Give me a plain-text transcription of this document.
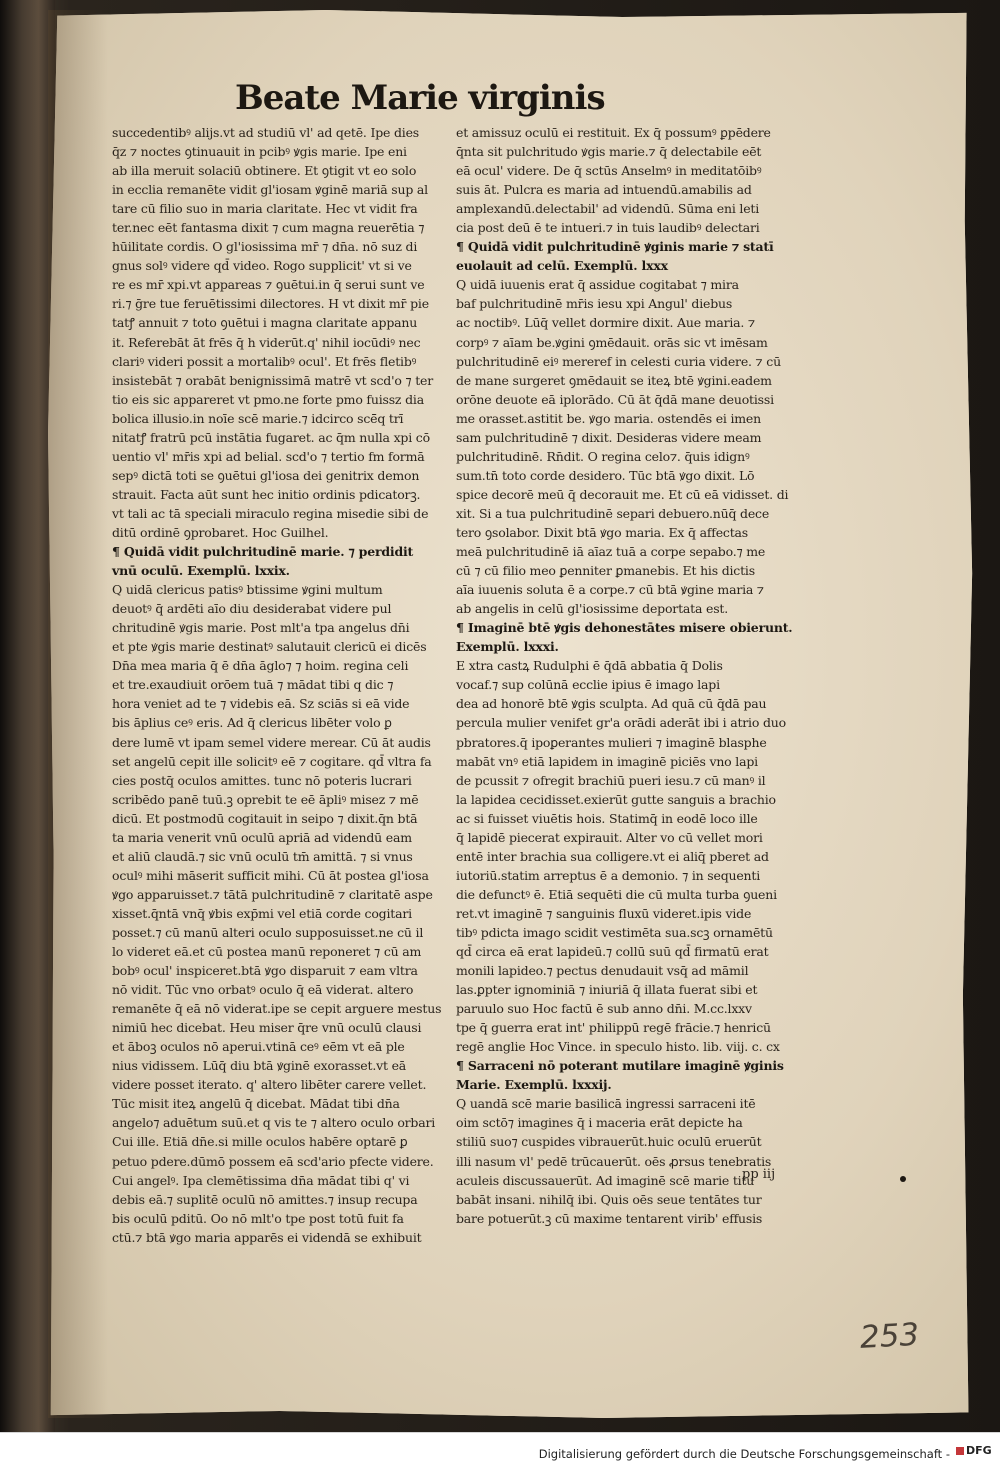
Beate Marie virginis
succedentibꝰ alijs.vt ad studiū vl' ad qetē. Ipe dies
q̄z ⁊ noctes ꝯtinuauit in pcibꝰ ꝟgis marie. Ipe eni
ab illa meruit solaciū obtinere. Et ꝯtigit vt eo solo
in ecclia remanēte vidit gl'iosam ꝟginē mariā sup al
tare cū filio suo in maria claritate. Hec vt vidit fra
ter.nec eēt fantasma dixit ⁊ cum magna reuerētia ⁊
hūilitate cordis. O gl'iosissima mr̄ ⁊ dn̄a. nō suz di
gnus solꝰ videre qd̄ video. Rogo supplicit' vt si ve
re es mr̄ xpi.vt appareas ⁊ ꝯuētui.in q̄ serui sunt ve
ri.⁊ ḡre tue feruētissimi dilectores. H vt dixit mr̄ pie
tatꝭ annuit ⁊ toto ꝯuētui i magna claritate appanu
it. Referebāt āt frēs q̄ h viderūt.q' nihil iocūdiꝰ nec
clariꝰ videri possit a mortalibꝰ ocul'. Et frēs fletibꝰ
insistebāt ⁊ orabāt benignissimā matrē vt scd'o ⁊ ter
tio eis sic appareret vt pmo.ne forte pmo fuissz dia
bolica illusio.in noīe scē marie.⁊ idcirco scē̄q trī
nitatꝭ fratrū pcū instātia fugaret. ac q̄m nulla xpi cō
uentio vl' mr̄is xpi ad belial. scd'o ⁊ tertio fm formā
sepꝰ dictā toti se ꝯuētui gl'iosa dei genitrix demon
strauit. Facta aūt sunt hec initio ordinis pdicatorꝫ.
vt tali ac tā speciali miraculo regina misedie sibi de
ditū ordinē ꝯprobaret. Hoc Guilhel.
¶ Quidā vidit pulchritudinē marie. ⁊ perdidit
vnū oculū. Exemplū. lxxix.
Q uidā clericus patisꝰ btissime ꝟgini multum
deuotꝰ q̄ ardēti aīo diu desiderabat videre pul
chritudinē ꝟgis marie. Post mlt'a tpa angelus dn̄i
et pte ꝟgis marie destinatꝰ salutauit clericū ei dicēs
Dn̄a mea maria q̄ ē dn̄a āglo⁊ ⁊ hoim. regina celi
et tre.exaudiuit orōem tuā ⁊ mādat tibi q dic ⁊
hora veniet ad te ⁊ videbis eā. Sz sciās si eā vide
bis āplius ceꝰ eris. Ad q̄ clericus libēter volo ꝑ
dere lumē vt ipam semel videre merear. Cū āt audis
set angelū cepit ille solicitꝰ eē ⁊ cogitare. qd̄ vltra fa
cies postq̄ oculos amittes. tunc nō poteris lucrari
scribēdo panē tuū.ꝫ oprebit te eē āpliꝰ misez ⁊ mē
dicū. Et postmodū cogitauit in seipo ⁊ dixit.q̄n btā
ta maria venerit vnū oculū apriā ad videndū eam
et aliū claudā.⁊ sic vnū oculū tm̄ amittā. ⁊ si vnus
oculꝰ mihi māserit sufficit mihi. Cū āt postea gl'iosa
ꝟgo apparuisset.⁊ tātā pulchritudinē ⁊ claritatē aspe
xisset.q̄ntā vnq̄ ꝟbis exp̄mi vel etiā corde cogitari
posset.⁊ cū manū alteri oculo supposuisset.ne cū il
lo videret eā.et cū postea manū reponeret ⁊ cū am
bobꝰ ocul' inspiceret.btā ꝟgo disparuit ⁊ eam vltra
nō vidit. Tūc vno orbatꝰ oculo q̄ eā viderat. altero
remanēte q̄ eā nō viderat.ipe se cepit arguere mestus
nimiū hec dicebat. Heu miser q̄re vnū oculū clausi
et āboꝫ oculos nō aperui.vtinā ceꝰ eēm vt eā ple
nius vidissem. Lūq̄ diu btā ꝟginē exorasset.vt eā
videre posset iterato. q' altero libēter carere vellet.
Tūc misit iteꝝ angelū q̄ dicebat. Mādat tibi dn̄a
angelo⁊ aduētum suū.et q vis te ⁊ altero oculo orbari
Cui ille. Etiā dn̄e.si mille oculos habēre optarē ꝑ
petuo pdere.dūmō possem eā scd'ario pfecte videre.
Cui angelꝰ. Ipa clemētissima dn̄a mādat tibi q' vi
debis eā.⁊ suplitē oculū nō amittes.⁊ insup recupa
bis oculū pditū. Oo nō mlt'o tpe post totū fuit fa
ctū.⁊ btā ꝟgo maria apparēs ei videndā se exhibuit
et amissuz oculū ei restituit. Ex q̄ possumꝰ ꝑpēdere
q̄nta sit pulchritudo ꝟgis marie.⁊ q̄ delectabile eēt
eā ocul' videre. De q̄ sctūs Anselmꝰ in meditatōibꝰ
suis āt. Pulcra es maria ad intuendū.amabilis ad
amplexandū.delectabil' ad videndū. Sūma eni leti
cia post deū ē te intueri.⁊ in tuis laudibꝰ delectari
¶ Quidā vidit pulchritudinē ꝟginis marie ⁊ statī
euolauit ad celū. Exemplū. lxxx
Q uidā iuuenis erat q̄ assidue cogitabat ⁊ mira
baf pulchritudinē mr̄is iesu xpi Angul' diebus
ac noctibꝰ. Lūq̄ vellet dormire dixit. Aue maria. ⁊
corpꝰ ⁊ aīam be.ꝟgini ꝯmēdauit. orās sic vt imēsam
pulchritudinē eiꝰ mereref in celesti curia videre. ⁊ cū
de mane surgeret ꝯmēdauit se iteꝝ btē ꝟgini.eadem
orōne deuote eā iplorādo. Cū āt q̄dā mane deuotissi
me orasset.astitit be. ꝟgo maria. ostendēs ei imen
sam pulchritudinē ⁊ dixit. Desideras videre meam
pulchritudinē. Rn̄dit. O regina celo⁊. q̄uis idignꝰ
sum.tn̄ toto corde desidero. Tūc btā ꝟgo dixit. Lō
spice decorē meū q̄ decorauit me. Et cū eā vidisset. di
xit. Si a tua pulchritudinē separi debuero.nūq̄ dece
tero ꝯsolabor. Dixit btā ꝟgo maria. Ex q̄ affectas
meā pulchritudinē iā aīaz tuā a corpe sepabo.⁊ me
cū ⁊ cū filio meo ꝑenniter ꝑmanebis. Et his dictis
aīa iuuenis soluta ē a corpe.⁊ cū btā ꝟgine maria ⁊
ab angelis in celū gl'iosissime deportata est.
¶ Imaginē btē ꝟgis dehonestātes misere obierunt.
Exemplū. lxxxi.
E xtra castꝝ Rudulphi ē q̄dā abbatia q̄ Dolis
vocaf.⁊ sup colūnā ecclie ipius ē imago lapi
dea ad honorē btē ꝟgis sculpta. Ad quā cū q̄dā pau
percula mulier venifet gr'a orādi aderāt ibi i atrio duo
pbratores.q̄ ipoꝑerantes mulieri ⁊ imaginē blasphe
mabāt vnꝰ etiā lapidem in imaginē piciēs vno lapi
de pcussit ⁊ ofregit brachiū pueri iesu.⁊ cū manꝰ il
la lapidea cecidisset.exierūt gutte sanguis a brachio
ac si fuisset viuētis hois. Statimq̄ in eodē loco ille
q̄ lapidē piecerat expirauit. Alter vo cū vellet mori
entē inter brachia sua colligere.vt ei aliq̄ pberet ad
iutoriū.statim arreptus ē a demonio. ⁊ in sequenti
die defunctꝰ ē. Etiā sequēti die cū multa turba ꝯueni
ret.vt imaginē ⁊ sanguinis fluxū videret.ipis vide
tibꝰ pdicta imago scidit vestimēta sua.scꝫ ornamētū
qd̄ circa eā erat lapideū.⁊ collū suū qd̄ firmatū erat
monili lapideo.⁊ pectus denudauit vsq̄ ad māmil
las.ꝑpter ignominiā ⁊ iniuriā q̄ illata fuerat sibi et
paruulo suo Hoc factū ē sub anno dn̄i. M.cc.lxxv
tpe q̄ guerra erat int' philippū regē frācie.⁊ henricū
regē anglie Hoc Vince. in speculo histo. lib. viij. c. cx
¶ Sarraceni nō poterant mutilare imaginē ꝟginis
Marie. Exemplū. lxxxij.
Q uandā scē marie basilicā ingressi sarraceni itē
oim sctō⁊ imagines q̄ i maceria erāt depicte ha
stiliū suo⁊ cuspides vibrauerūt.huic oculū eruerūt
illi nasum vl' pedē trūcauerūt. oēs ꝓrsus tenebratis
aculeis discussauerūt. Ad imaginē scē marie titu
babāt insani. nihilq̄ ibi. Quis oēs seue tentātes tur
bare potuerūt.ꝫ cū maxime tentarent virib' effusis
pp iij
253
Digitalisierung gefördert durch die Deutsche Forschungsgemeinschaft -	DFG
